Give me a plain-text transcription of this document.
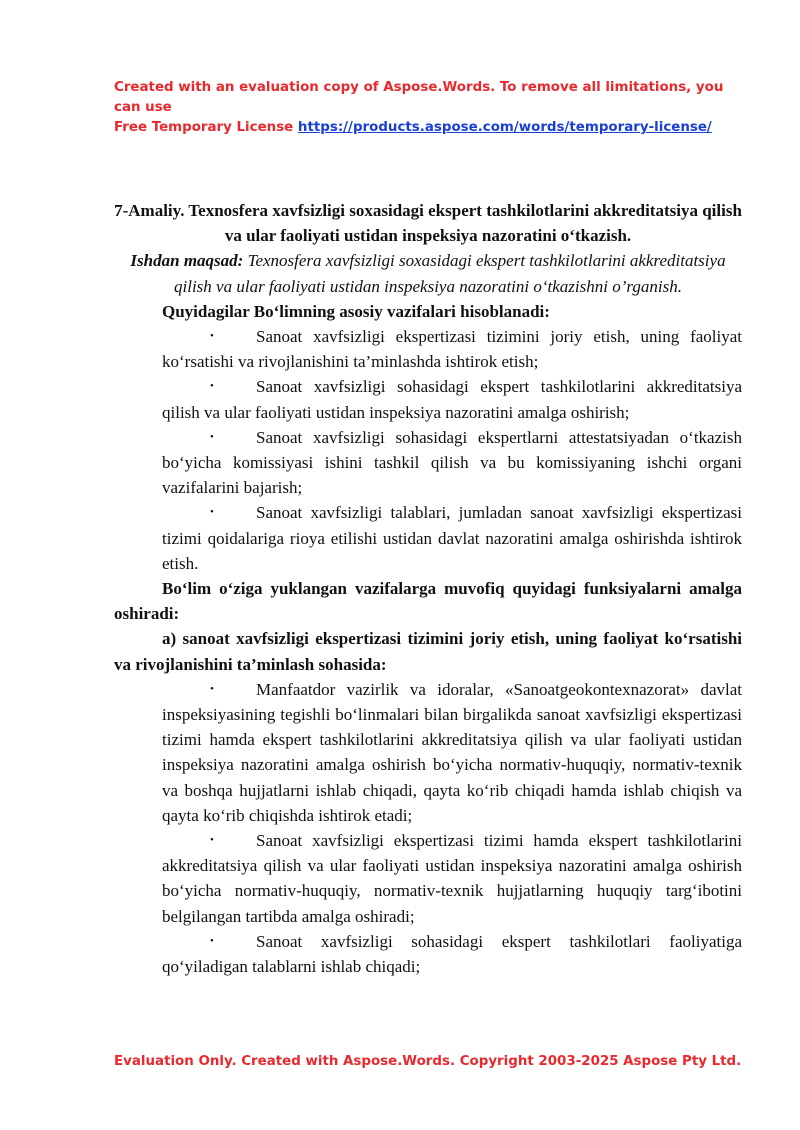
Created with an evaluation copy of Aspose.Words. To remove all limitations, you can use
Free Temporary License https://products.aspose.com/words/temporary-license/
7-Amaliy. Texnosfera xavfsizligi soxasidagi ekspert tashkilotlarini akkreditatsiya qilish va ular faoliyati ustidan inspeksiya nazoratini o‘tkazish.
Ishdan maqsad: Texnosfera xavfsizligi soxasidagi ekspert tashkilotlarini akkreditatsiya qilish va ular faoliyati ustidan inspeksiya nazoratini o‘tkazishni o’rganish.

Quyidagilar Bo‘limning asosiy vazifalari hisoblanadi:

• Sanoat xavfsizligi ekspertizasi tizimini joriy etish, uning faoliyat ko‘rsatishi va rivojlanishini ta’minlashda ishtirok etish;
• Sanoat xavfsizligi sohasidagi ekspert tashkilotlarini akkreditatsiya qilish va ular faoliyati ustidan inspeksiya nazoratini amalga oshirish;
• Sanoat xavfsizligi sohasidagi ekspertlarni attestatsiyadan o‘tkazish bo‘yicha komissiyasi ishini tashkil qilish va bu komissiyaning ishchi organi vazifalarini bajarish;
• Sanoat xavfsizligi talablari, jumladan sanoat xavfsizligi ekspertizasi tizimi qoidalariga rioya etilishi ustidan davlat nazoratini amalga oshirishda ishtirok etish.

Bo‘lim o‘ziga yuklangan vazifalarga muvofiq quyidagi funksiyalarni amalga oshiradi:

a) sanoat xavfsizligi ekspertizasi tizimini joriy etish, uning faoliyat ko‘rsatishi va rivojlanishini ta’minlash sohasida:

• Manfaatdor vazirlik va idoralar, «Sanoatgeokontexnazorat» davlat inspeksiyasining tegishli bo‘linmalari bilan birgalikda sanoat xavfsizligi ekspertizasi tizimi hamda ekspert tashkilotlarini akkreditatsiya qilish va ular faoliyati ustidan inspeksiya nazoratini amalga oshirish bo‘yicha normativ-huquqiy, normativ-texnik va boshqa hujjatlarni ishlab chiqadi, qayta ko‘rib chiqadi hamda ishlab chiqish va qayta ko‘rib chiqishda ishtirok etadi;
• Sanoat xavfsizligi ekspertizasi tizimi hamda ekspert tashkilotlarini akkreditatsiya qilish va ular faoliyati ustidan inspeksiya nazoratini amalga oshirish bo‘yicha normativ-huquqiy, normativ-texnik hujjatlarning huquqiy targ‘ibotini belgilangan tartibda amalga oshiradi;
• Sanoat xavfsizligi sohasidagi ekspert tashkilotlari faoliyatiga qo‘yiladigan talablarni ishlab chiqadi;
Evaluation Only. Created with Aspose.Words. Copyright 2003-2025 Aspose Pty Ltd.
